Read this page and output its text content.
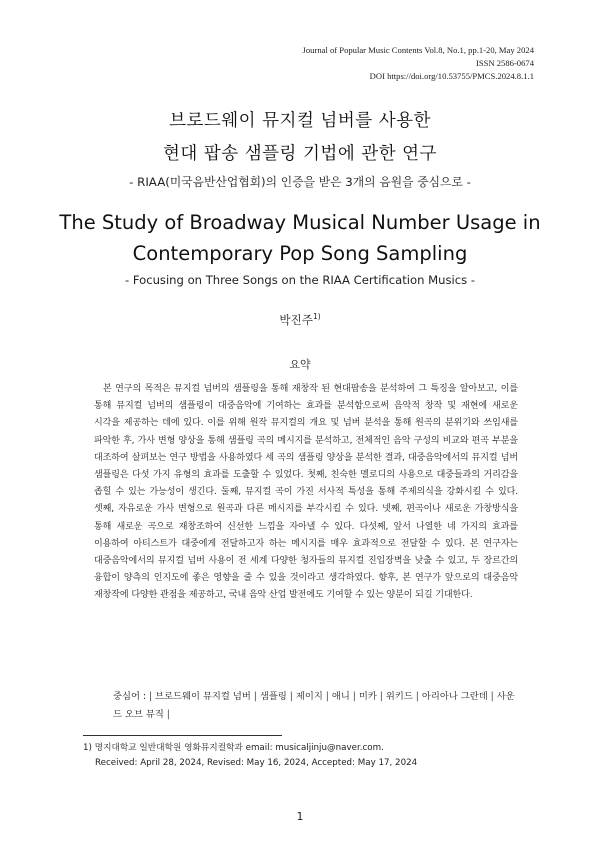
Journal of Popular Music Contents Vol.8, No.1, pp.1-20, May 2024
ISSN 2586-0674
DOI https://doi.org/10.53755/PMCS.2024.8.1.1
브로드웨이 뮤지컬 넘버를 사용한
현대 팝송 샘플링 기법에 관한 연구
- RIAA(미국음반산업협회)의 인증을 받은 3개의 음원을 중심으로 -
The Study of Broadway Musical Number Usage in
Contemporary Pop Song Sampling
- Focusing on Three Songs on the RIAA Certification Musics -
박진주$^{1)}$
요약

본 연구의 목적은 뮤지컬 넘버의 샘플링을 통해 재창작 된 현대팝송을 분석하여 그 특징을 알아보고, 이를 통해 뮤지컬 넘버의 샘플링이 대중음악에 기여하는 효과를 분석함으로써 음악적 창작 및 재현에 새로운 시각을 제공하는 데에 있다. 이를 위해 원작 뮤지컬의 개요 및 넘버 분석을 통해 원곡의 분위기와 쓰임새를 파악한 후, 가사 변형 양상을 통해 샘플링 곡의 메시지를 분석하고, 전체적인 음악 구성의 비교와 편곡 부분을 대조하여 살펴보는 연구 방법을 사용하였다 세 곡의 샘플링 양상을 분석한 결과, 대중음악에서의 뮤지컬 넘버 샘플링은 다섯 가지 유형의 효과를 도출할 수 있었다. 첫째, 친숙한 멜로디의 사용으로 대중들과의 거리감을 좁힐 수 있는 가능성이 생긴다. 둘째, 뮤지컬 곡이 가진 서사적 특성을 통해 주제의식을 강화시킬 수 있다. 셋째, 자유로운 가사 변형으로 원곡과 다른 메시지를 부각시킬 수 있다. 넷째, 편곡이나 새로운 가창방식을 통해 새로운 곡으로 재창조하여 신선한 느낌을 자아낼 수 있다. 다섯째, 앞서 나열한 네 가지의 효과를 이용하여 아티스트가 대중에게 전달하고자 하는 메시지를 매우 효과적으로 전달할 수 있다. 본 연구자는 대중음악에서의 뮤지컬 넘버 사용이 전 세계 다양한 청자들의 뮤지컬 진입장벽을 낮출 수 있고, 두 장르간의 융합이 양측의 인지도에 좋은 영향을 줄 수 있을 것이라고 생각하였다. 향후, 본 연구가 앞으로의 대중음악 재창작에 다양한 관점을 제공하고, 국내 음악 산업 발전에도 기여할 수 있는 양분이 되길 기대한다.

중심어 : | 브로드웨이 뮤지컬 넘버 | 샘플링 | 제이지 | 애니 | 미카 | 위키드 | 아리아나 그란데 | 사운드 오브 뮤직 |
1) 명지대학교 일반대학원 영화뮤지컬학과 email: musicaljinju@naver.com.
Received: April 28, 2024, Revised: May 16, 2024, Accepted: May 17, 2024
1
